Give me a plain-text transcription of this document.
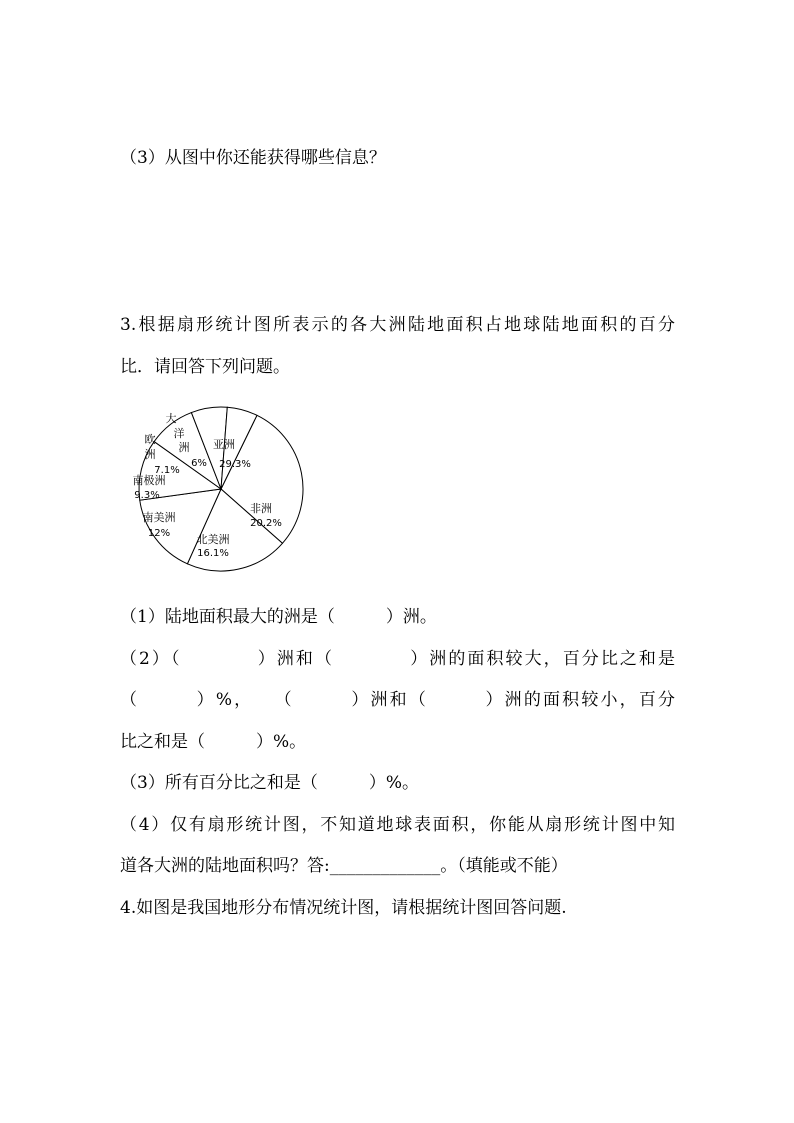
（3）从图中你还能获得哪些信息？
3.根据扇形统计图所表示的各大洲陆地面积占地球陆地面积的百分
比．请回答下列问题。
亚洲
29.3%
非洲
20.2%
北美洲
16.1%
南美洲
12%
南极洲
9.3%
欧
洲
7.1%
大
洋
洲
6%
（1）陆地面积最大的洲是（　　　）洲。
（2）（　　　　）洲和（　　　　）洲的面积较大，百分比之和是
（　　　）%，　　（　　　）洲和（　　　）洲的面积较小，百分
比之和是（　　　）%。
（3）所有百分比之和是（　　　）%。
（4）仅有扇形统计图，不知道地球表面积，你能从扇形统计图中知
道各大洲的陆地面积吗？答:_____________。（填能或不能）
4.如图是我国地形分布情况统计图，请根据统计图回答问题.
